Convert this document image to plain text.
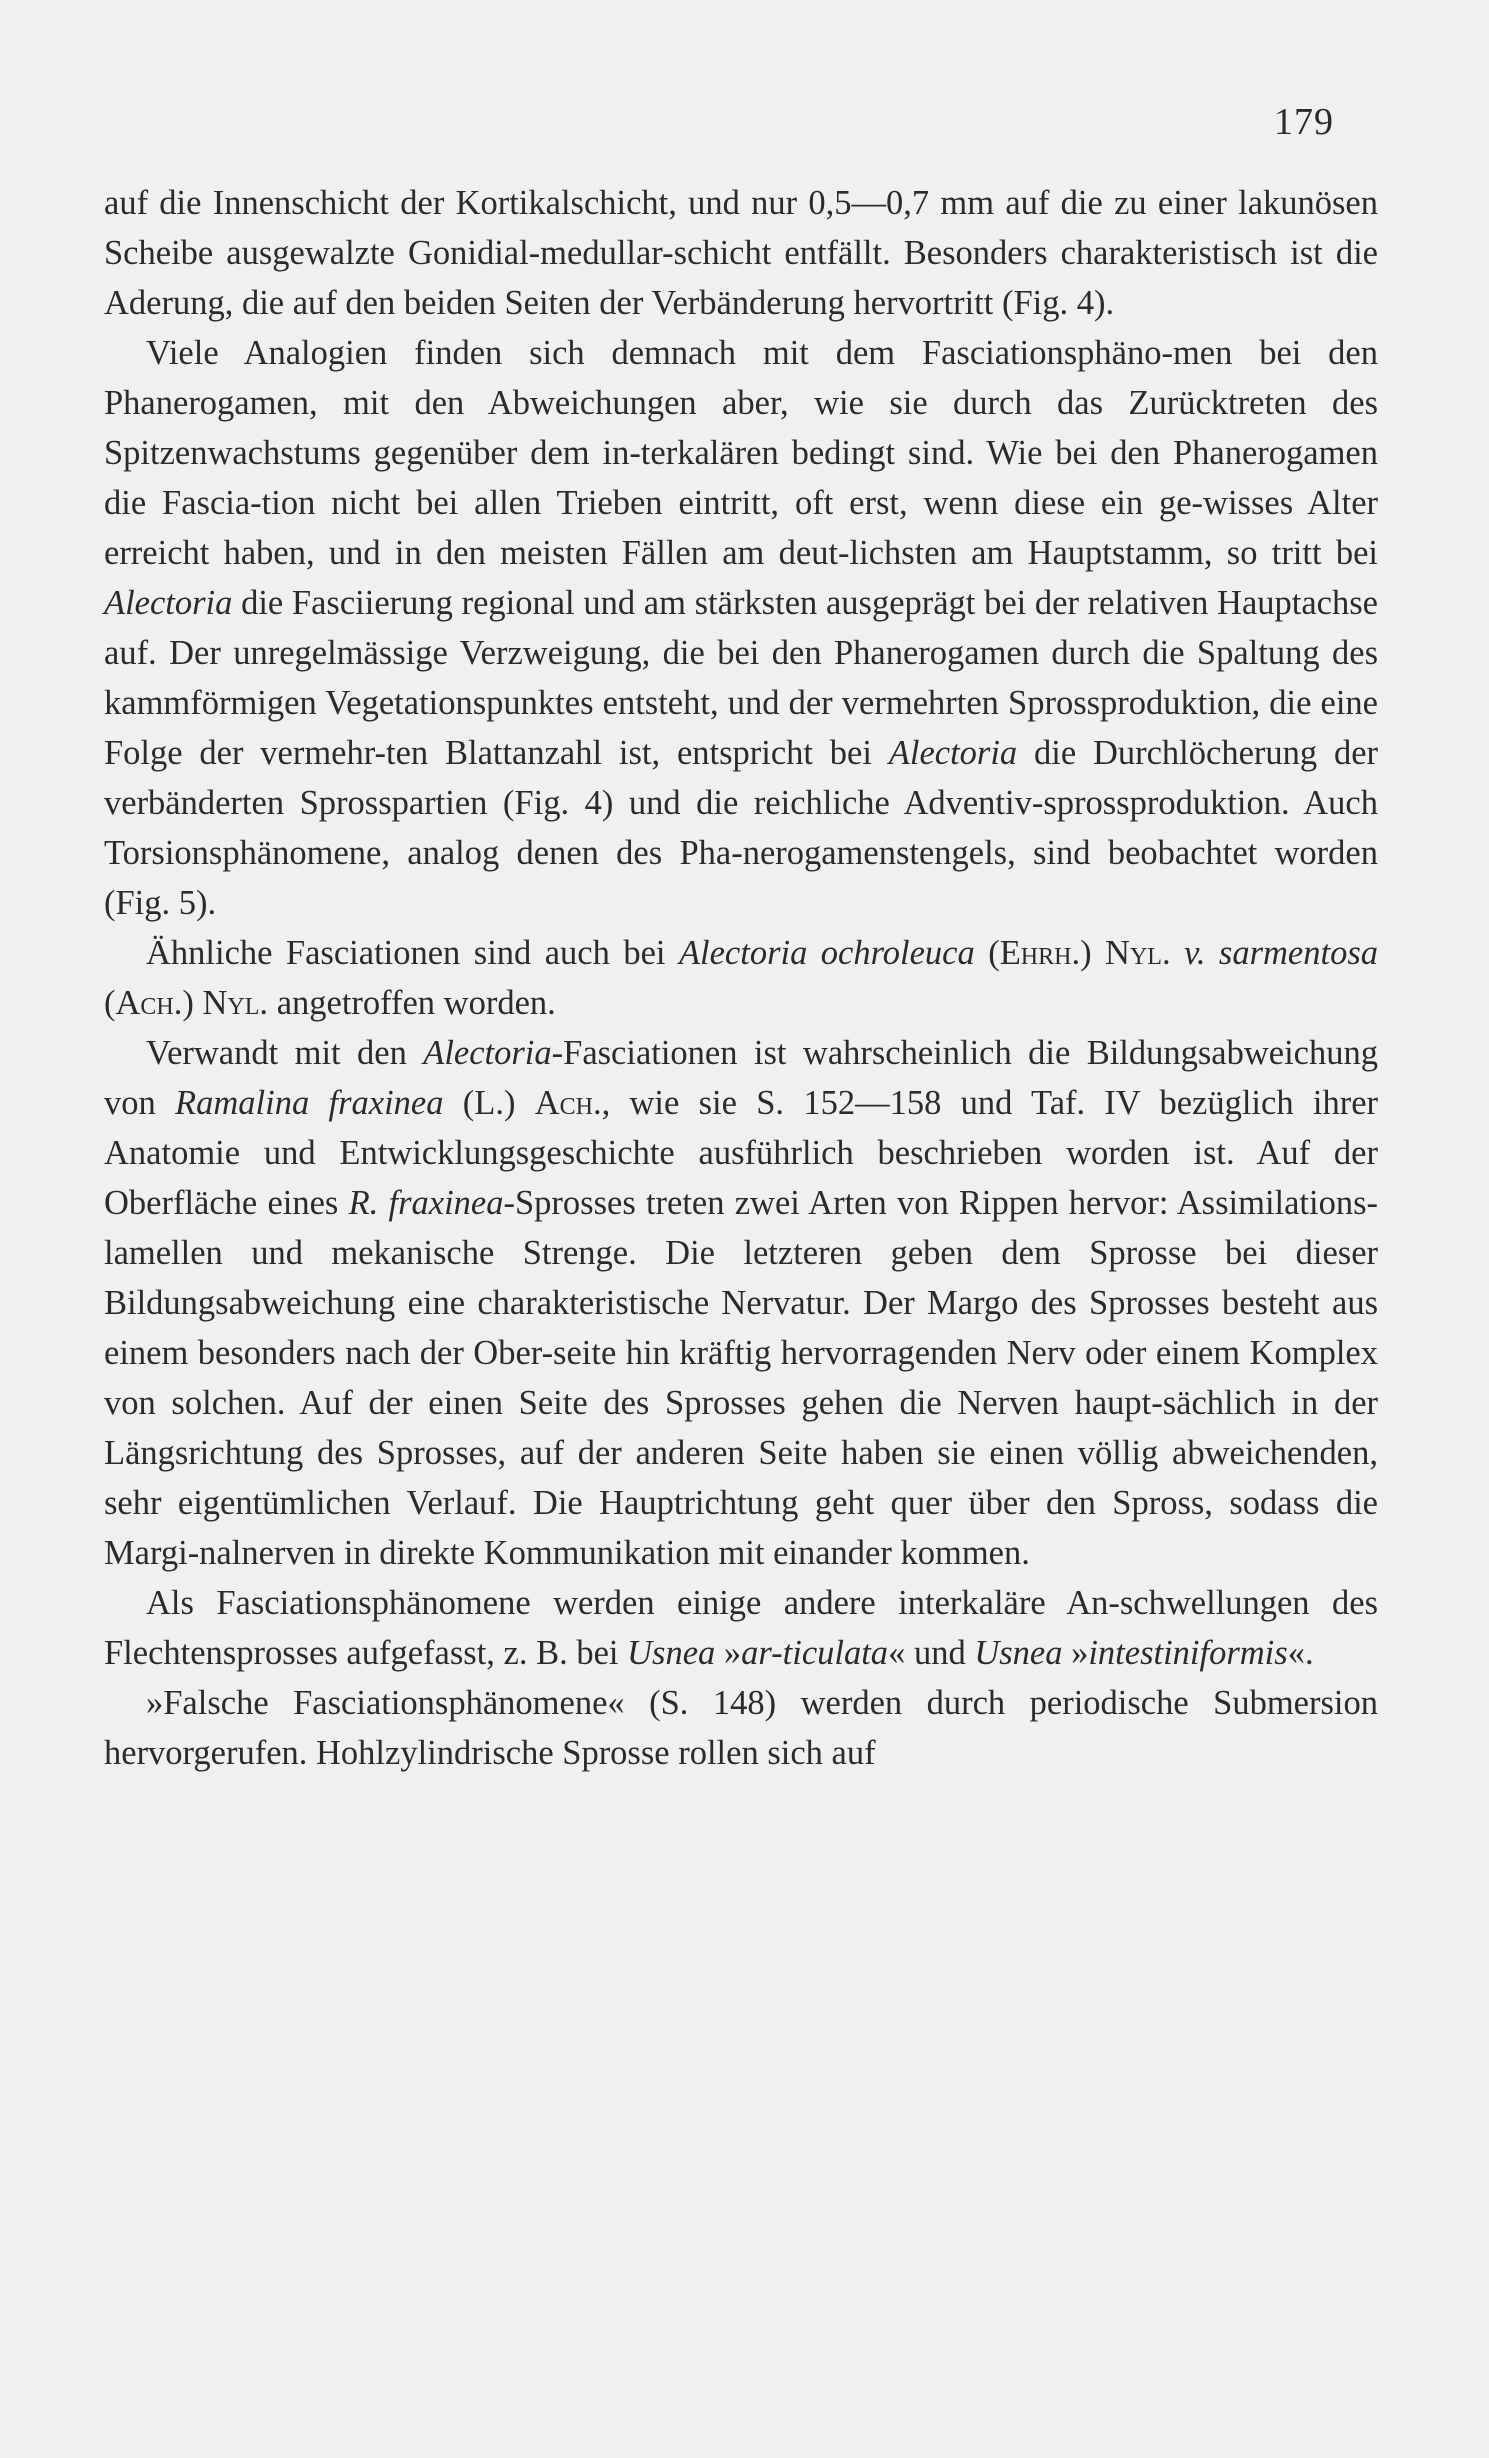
179

auf die Innenschicht der Kortikalschicht, und nur 0,5—0,7 mm auf die zu einer lakunösen Scheibe ausgewalzte Gonidial-medullar-schicht entfällt. Besonders charakteristisch ist die Aderung, die auf den beiden Seiten der Verbänderung hervortritt (Fig. 4).

Viele Analogien finden sich demnach mit dem Fasciationsphäno-men bei den Phanerogamen, mit den Abweichungen aber, wie sie durch das Zurücktreten des Spitzenwachstums gegenüber dem in-terkalären bedingt sind. Wie bei den Phanerogamen die Fascia-tion nicht bei allen Trieben eintritt, oft erst, wenn diese ein ge-wisses Alter erreicht haben, und in den meisten Fällen am deut-lichsten am Hauptstamm, so tritt bei Alectoria die Fasciierung regional und am stärksten ausgeprägt bei der relativen Hauptachse auf. Der unregelmässige Verzweigung, die bei den Phanerogamen durch die Spaltung des kammförmigen Vegetationspunktes entsteht, und der vermehrten Sprossproduktion, die eine Folge der vermehr-ten Blattanzahl ist, entspricht bei Alectoria die Durchlöcherung der verbänderten Sprosspartien (Fig. 4) und die reichliche Adventiv-sprossproduktion. Auch Torsionsphänomene, analog denen des Pha-nerogamenstengels, sind beobachtet worden (Fig. 5).

Ähnliche Fasciationen sind auch bei Alectoria ochroleuca (Ehrh.) Nyl. v. sarmentosa (Ach.) Nyl. angetroffen worden.

Verwandt mit den Alectoria-Fasciationen ist wahrscheinlich die Bildungsabweichung von Ramalina fraxinea (L.) Ach., wie sie S. 152—158 und Taf. IV bezüglich ihrer Anatomie und Entwicklungsgeschichte ausführlich beschrieben worden ist. Auf der Oberfläche eines R. fraxinea-Sprosses treten zwei Arten von Rippen hervor: Assimilations-lamellen und mekanische Strenge. Die letzteren geben dem Sprosse bei dieser Bildungsabweichung eine charakteristische Nervatur. Der Margo des Sprosses besteht aus einem besonders nach der Ober-seite hin kräftig hervorragenden Nerv oder einem Komplex von solchen. Auf der einen Seite des Sprosses gehen die Nerven haupt-sächlich in der Längsrichtung des Sprosses, auf der anderen Seite haben sie einen völlig abweichenden, sehr eigentümlichen Verlauf. Die Hauptrichtung geht quer über den Spross, sodass die Margi-nalnerven in direkte Kommunikation mit einander kommen.

Als Fasciationsphänomene werden einige andere interkaläre An-schwellungen des Flechtensprosses aufgefasst, z. B. bei Usnea »ar-ticulata« und Usnea »intestiniformis«.

»Falsche Fasciationsphänomene« (S. 148) werden durch periodische Submersion hervorgerufen. Hohlzylindrische Sprosse rollen sich auf
